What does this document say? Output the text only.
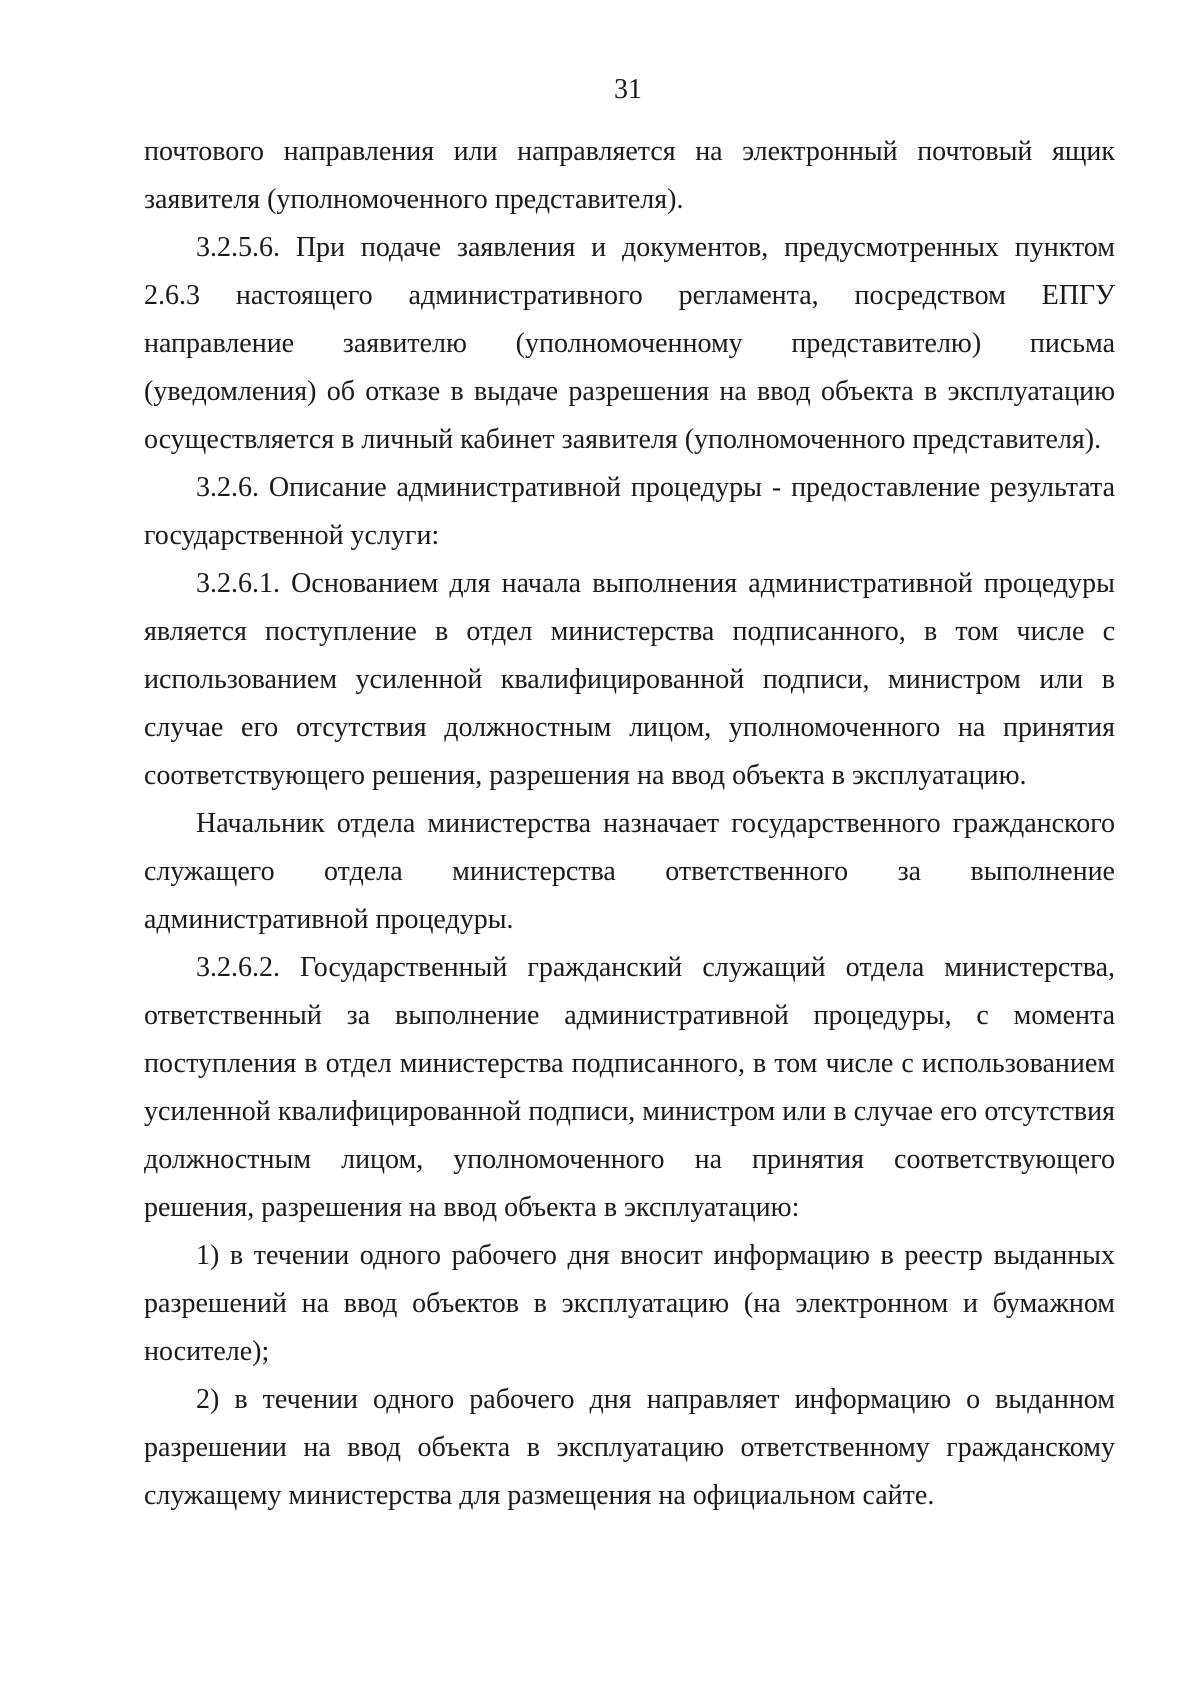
31

почтового направления или направляется на электронный почтовый ящик заявителя (уполномоченного представителя).

3.2.5.6. При подаче заявления и документов, предусмотренных пунктом 2.6.3 настоящего административного регламента, посредством ЕПГУ направление заявителю (уполномоченному представителю) письма (уведомления) об отказе в выдаче разрешения на ввод объекта в эксплуатацию осуществляется в личный кабинет заявителя (уполномоченного представителя).

3.2.6. Описание административной процедуры - предоставление результата государственной услуги:

3.2.6.1. Основанием для начала выполнения административной процедуры является поступление в отдел министерства подписанного, в том числе с использованием усиленной квалифицированной подписи, министром или в случае его отсутствия должностным лицом, уполномоченного на принятия соответствующего решения, разрешения на ввод объекта в эксплуатацию.

Начальник отдела министерства назначает государственного гражданского служащего отдела министерства ответственного за выполнение административной процедуры.

3.2.6.2. Государственный гражданский служащий отдела министерства, ответственный за выполнение административной процедуры, с момента поступления в отдел министерства подписанного, в том числе с использованием усиленной квалифицированной подписи, министром или в случае его отсутствия должностным лицом, уполномоченного на принятия соответствующего решения, разрешения на ввод объекта в эксплуатацию:

1) в течении одного рабочего дня вносит информацию в реестр выданных разрешений на ввод объектов в эксплуатацию (на электронном и бумажном носителе);

2) в течении одного рабочего дня направляет информацию о выданном разрешении на ввод объекта в эксплуатацию ответственному гражданскому служащему министерства для размещения на официальном сайте.
